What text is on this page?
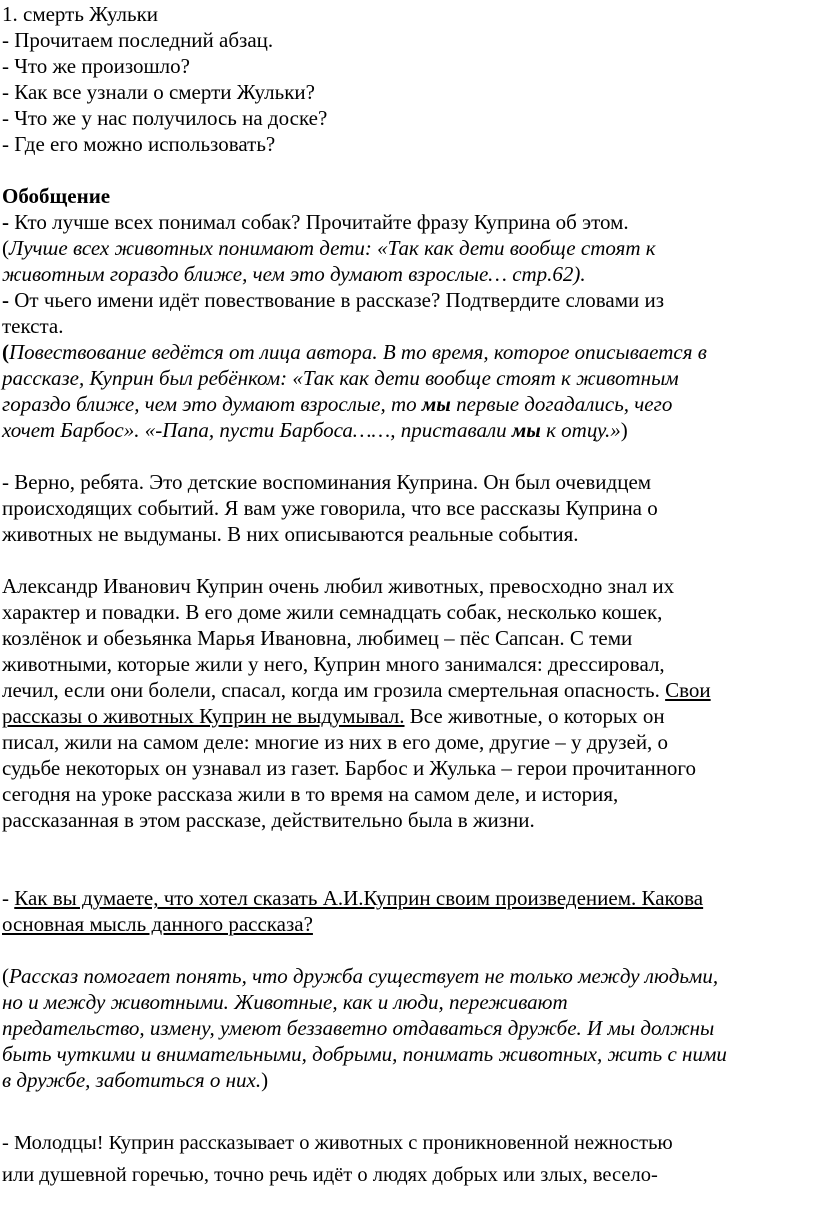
1. смерть Жульки
- Прочитаем последний абзац.
- Что же произошло?
- Как все узнали о смерти Жульки?
- Что же у нас получилось на доске?
- Где его можно использовать?
Обобщение
- Кто лучше всех понимал собак? Прочитайте фразу Куприна об этом.
(Лучше всех животных понимают дети: «Так как дети вообще стоят к
животным гораздо ближе, чем это думают взрослые… стр.62).
- От чьего имени идёт повествование в рассказе? Подтвердите словами из
текста.
(Повествование ведётся от лица автора. В то время, которое описывается в
рассказе, Куприн был ребёнком: «Так как дети вообще стоят к животным
гораздо ближе, чем это думают взрослые, то мы первые догадались, чего
хочет Барбос». «-Папа, пусти Барбоса……, приставали мы к отцу.»)
- Верно, ребята. Это детские воспоминания Куприна. Он был очевидцем
происходящих событий. Я вам уже говорила, что все рассказы Куприна о
животных не выдуманы. В них описываются реальные события.
Александр Иванович Куприн очень любил животных, превосходно знал их
характер и повадки. В его доме жили семнадцать собак, несколько кошек,
козлёнок и обезьянка Марья Ивановна, любимец – пёс Сапсан. С теми
животными, которые жили у него, Куприн много занимался: дрессировал,
лечил, если они болели, спасал, когда им грозила смертельная опасность. Свои
рассказы о животных Куприн не выдумывал. Все животные, о которых он
писал, жили на самом деле: многие из них в его доме, другие – у друзей, о
судьбе некоторых он узнавал из газет. Барбос и Жулька – герои прочитанного
сегодня на уроке рассказа жили в то время на самом деле, и история,
рассказанная в этом рассказе, действительно была в жизни.
- Как вы думаете, что хотел сказать А.И.Куприн своим произведением. Какова
основная мысль данного рассказа?
(Рассказ помогает понять, что дружба существует не только между людьми,
но и между животными. Животные, как и люди, переживают
предательство, измену, умеют беззаветно отдаваться дружбе. И мы должны
быть чуткими и внимательными, добрыми, понимать животных, жить с ними
в дружбе, заботиться о них.)
- Молодцы! Куприн рассказывает о животных с проникновенной нежностью
или душевной горечью, точно речь идёт о людях добрых или злых, весело-
